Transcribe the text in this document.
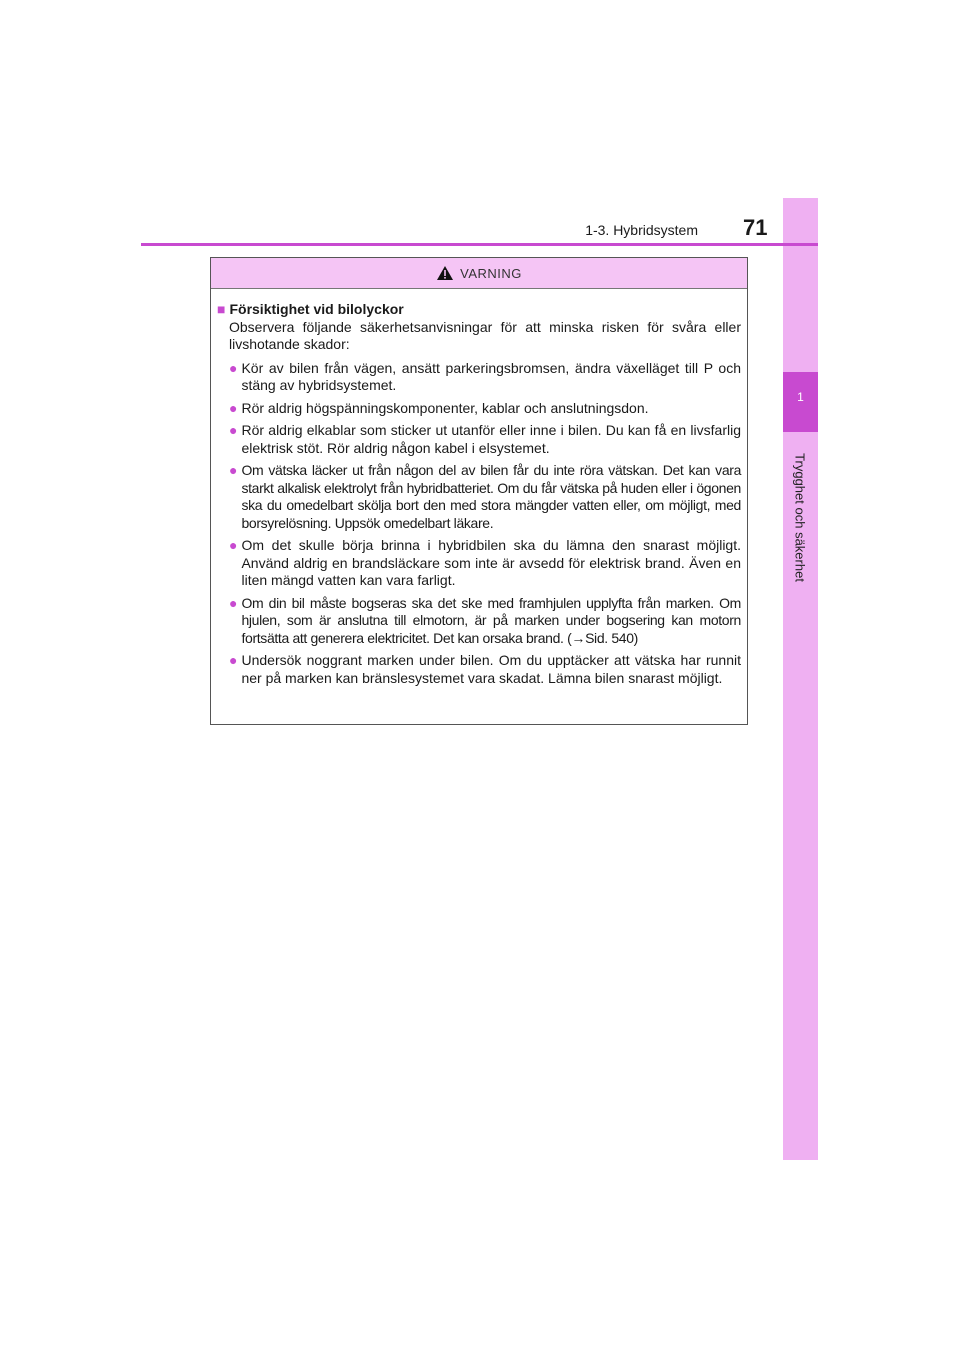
1
Trygghet och säkerhet
1-3. Hybridsystem 71
VARNING
■ Försiktighet vid bilolyckor
Observera följande säkerhetsanvisningar för att minska risken för svåra eller livshotande skador:
● Kör av bilen från vägen, ansätt parkeringsbromsen, ändra växelläget till P och stäng av hybridsystemet.
● Rör aldrig högspänningskomponenter, kablar och anslutningsdon.
● Rör aldrig elkablar som sticker ut utanför eller inne i bilen. Du kan få en livsfarlig elektrisk stöt. Rör aldrig någon kabel i elsystemet.
● Om vätska läcker ut från någon del av bilen får du inte röra vätskan. Det kan vara starkt alkalisk elektrolyt från hybridbatteriet. Om du får vätska på huden eller i ögonen ska du omedelbart skölja bort den med stora mängder vatten eller, om möjligt, med borsyrelösning. Uppsök omedelbart läkare.
● Om det skulle börja brinna i hybridbilen ska du lämna den snarast möjligt. Använd aldrig en brandsläckare som inte är avsedd för elektrisk brand. Även en liten mängd vatten kan vara farligt.
● Om din bil måste bogseras ska det ske med framhjulen upplyfta från marken. Om hjulen, som är anslutna till elmotorn, är på marken under bogsering kan motorn fortsätta att generera elektricitet. Det kan orsaka brand. (→Sid. 540)
● Undersök noggrant marken under bilen. Om du upptäcker att vätska har runnit ner på marken kan bränslesystemet vara skadat. Lämna bilen snarast möjligt.
